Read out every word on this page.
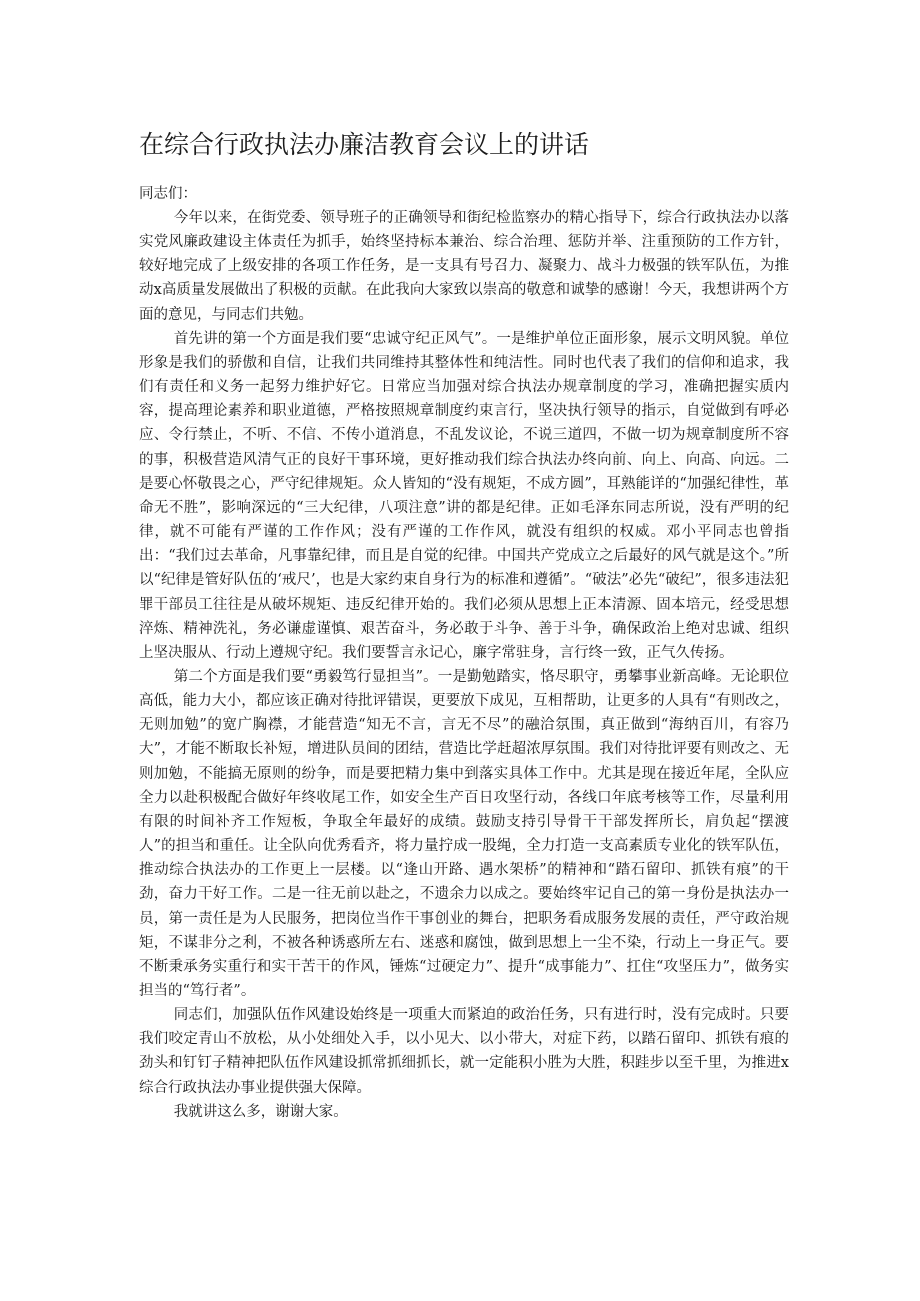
在综合行政执法办廉洁教育会议上的讲话
同志们：

今年以来，在街党委、领导班子的正确领导和街纪检监察办的精心指导下，综合行政执法办以落实党风廉政建设主体责任为抓手，始终坚持标本兼治、综合治理、惩防并举、注重预防的工作方针，较好地完成了上级安排的各项工作任务，是一支具有号召力、凝聚力、战斗力极强的铁军队伍，为推动x高质量发展做出了积极的贡献。在此我向大家致以崇高的敬意和诚挚的感谢！今天，我想讲两个方面的意见，与同志们共勉。

首先讲的第一个方面是我们要“忠诚守纪正风气”。一是维护单位正面形象，展示文明风貌。单位形象是我们的骄傲和自信，让我们共同维持其整体性和纯洁性。同时也代表了我们的信仰和追求，我们有责任和义务一起努力维护好它。日常应当加强对综合执法办规章制度的学习，准确把握实质内容，提高理论素养和职业道德，严格按照规章制度约束言行，坚决执行领导的指示，自觉做到有呼必应、令行禁止，不听、不信、不传小道消息，不乱发议论，不说三道四，不做一切为规章制度所不容的事，积极营造风清气正的良好干事环境，更好推动我们综合执法办终向前、向上、向高、向远。二是要心怀敬畏之心，严守纪律规矩。众人皆知的“没有规矩，不成方圆”，耳熟能详的“加强纪律性，革命无不胜”，影响深远的“三大纪律，八项注意”讲的都是纪律。正如毛泽东同志所说，没有严明的纪律，就不可能有严谨的工作作风；没有严谨的工作作风，就没有组织的权威。邓小平同志也曾指出：“我们过去革命，凡事靠纪律，而且是自觉的纪律。中国共产党成立之后最好的风气就是这个。”所以“纪律是管好队伍的‘戒尺’，也是大家约束自身行为的标准和遵循”。“破法”必先“破纪”，很多违法犯罪干部员工往往是从破坏规矩、违反纪律开始的。我们必须从思想上正本清源、固本培元，经受思想淬炼、精神洗礼，务必谦虚谨慎、艰苦奋斗，务必敢于斗争、善于斗争，确保政治上绝对忠诚、组织上坚决服从、行动上遵规守纪。我们要誓言永记心，廉字常驻身，言行终一致，正气久传扬。

第二个方面是我们要“勇毅笃行显担当”。一是勤勉踏实，恪尽职守，勇攀事业新高峰。无论职位高低，能力大小，都应该正确对待批评错误，更要放下成见，互相帮助，让更多的人具有“有则改之，无则加勉”的宽广胸襟，才能营造“知无不言，言无不尽”的融洽氛围，真正做到“海纳百川，有容乃大”，才能不断取长补短，增进队员间的团结，营造比学赶超浓厚氛围。我们对待批评要有则改之、无则加勉，不能搞无原则的纷争，而是要把精力集中到落实具体工作中。尤其是现在接近年尾，全队应全力以赴积极配合做好年终收尾工作，如安全生产百日攻坚行动，各线口年底考核等工作，尽量利用有限的时间补齐工作短板，争取全年最好的成绩。鼓励支持引导骨干干部发挥所长，肩负起“摆渡人”的担当和重任。让全队向优秀看齐，将力量拧成一股绳，全力打造一支高素质专业化的铁军队伍，推动综合执法办的工作更上一层楼。以“逢山开路、遇水架桥”的精神和“踏石留印、抓铁有痕”的干劲，奋力干好工作。二是一往无前以赴之，不遗余力以成之。要始终牢记自己的第一身份是执法办一员，第一责任是为人民服务，把岗位当作干事创业的舞台，把职务看成服务发展的责任，严守政治规矩，不谋非分之利，不被各种诱惑所左右、迷惑和腐蚀，做到思想上一尘不染，行动上一身正气。要不断秉承务实重行和实干苦干的作风，锤炼“过硬定力”、提升“成事能力”、扛住“攻坚压力”，做务实担当的“笃行者”。

同志们，加强队伍作风建设始终是一项重大而紧迫的政治任务，只有进行时，没有完成时。只要我们咬定青山不放松，从小处细处入手，以小见大、以小带大，对症下药，以踏石留印、抓铁有痕的劲头和钉钉子精神把队伍作风建设抓常抓细抓长，就一定能积小胜为大胜，积跬步以至千里，为推进x综合行政执法办事业提供强大保障。

我就讲这么多，谢谢大家。
